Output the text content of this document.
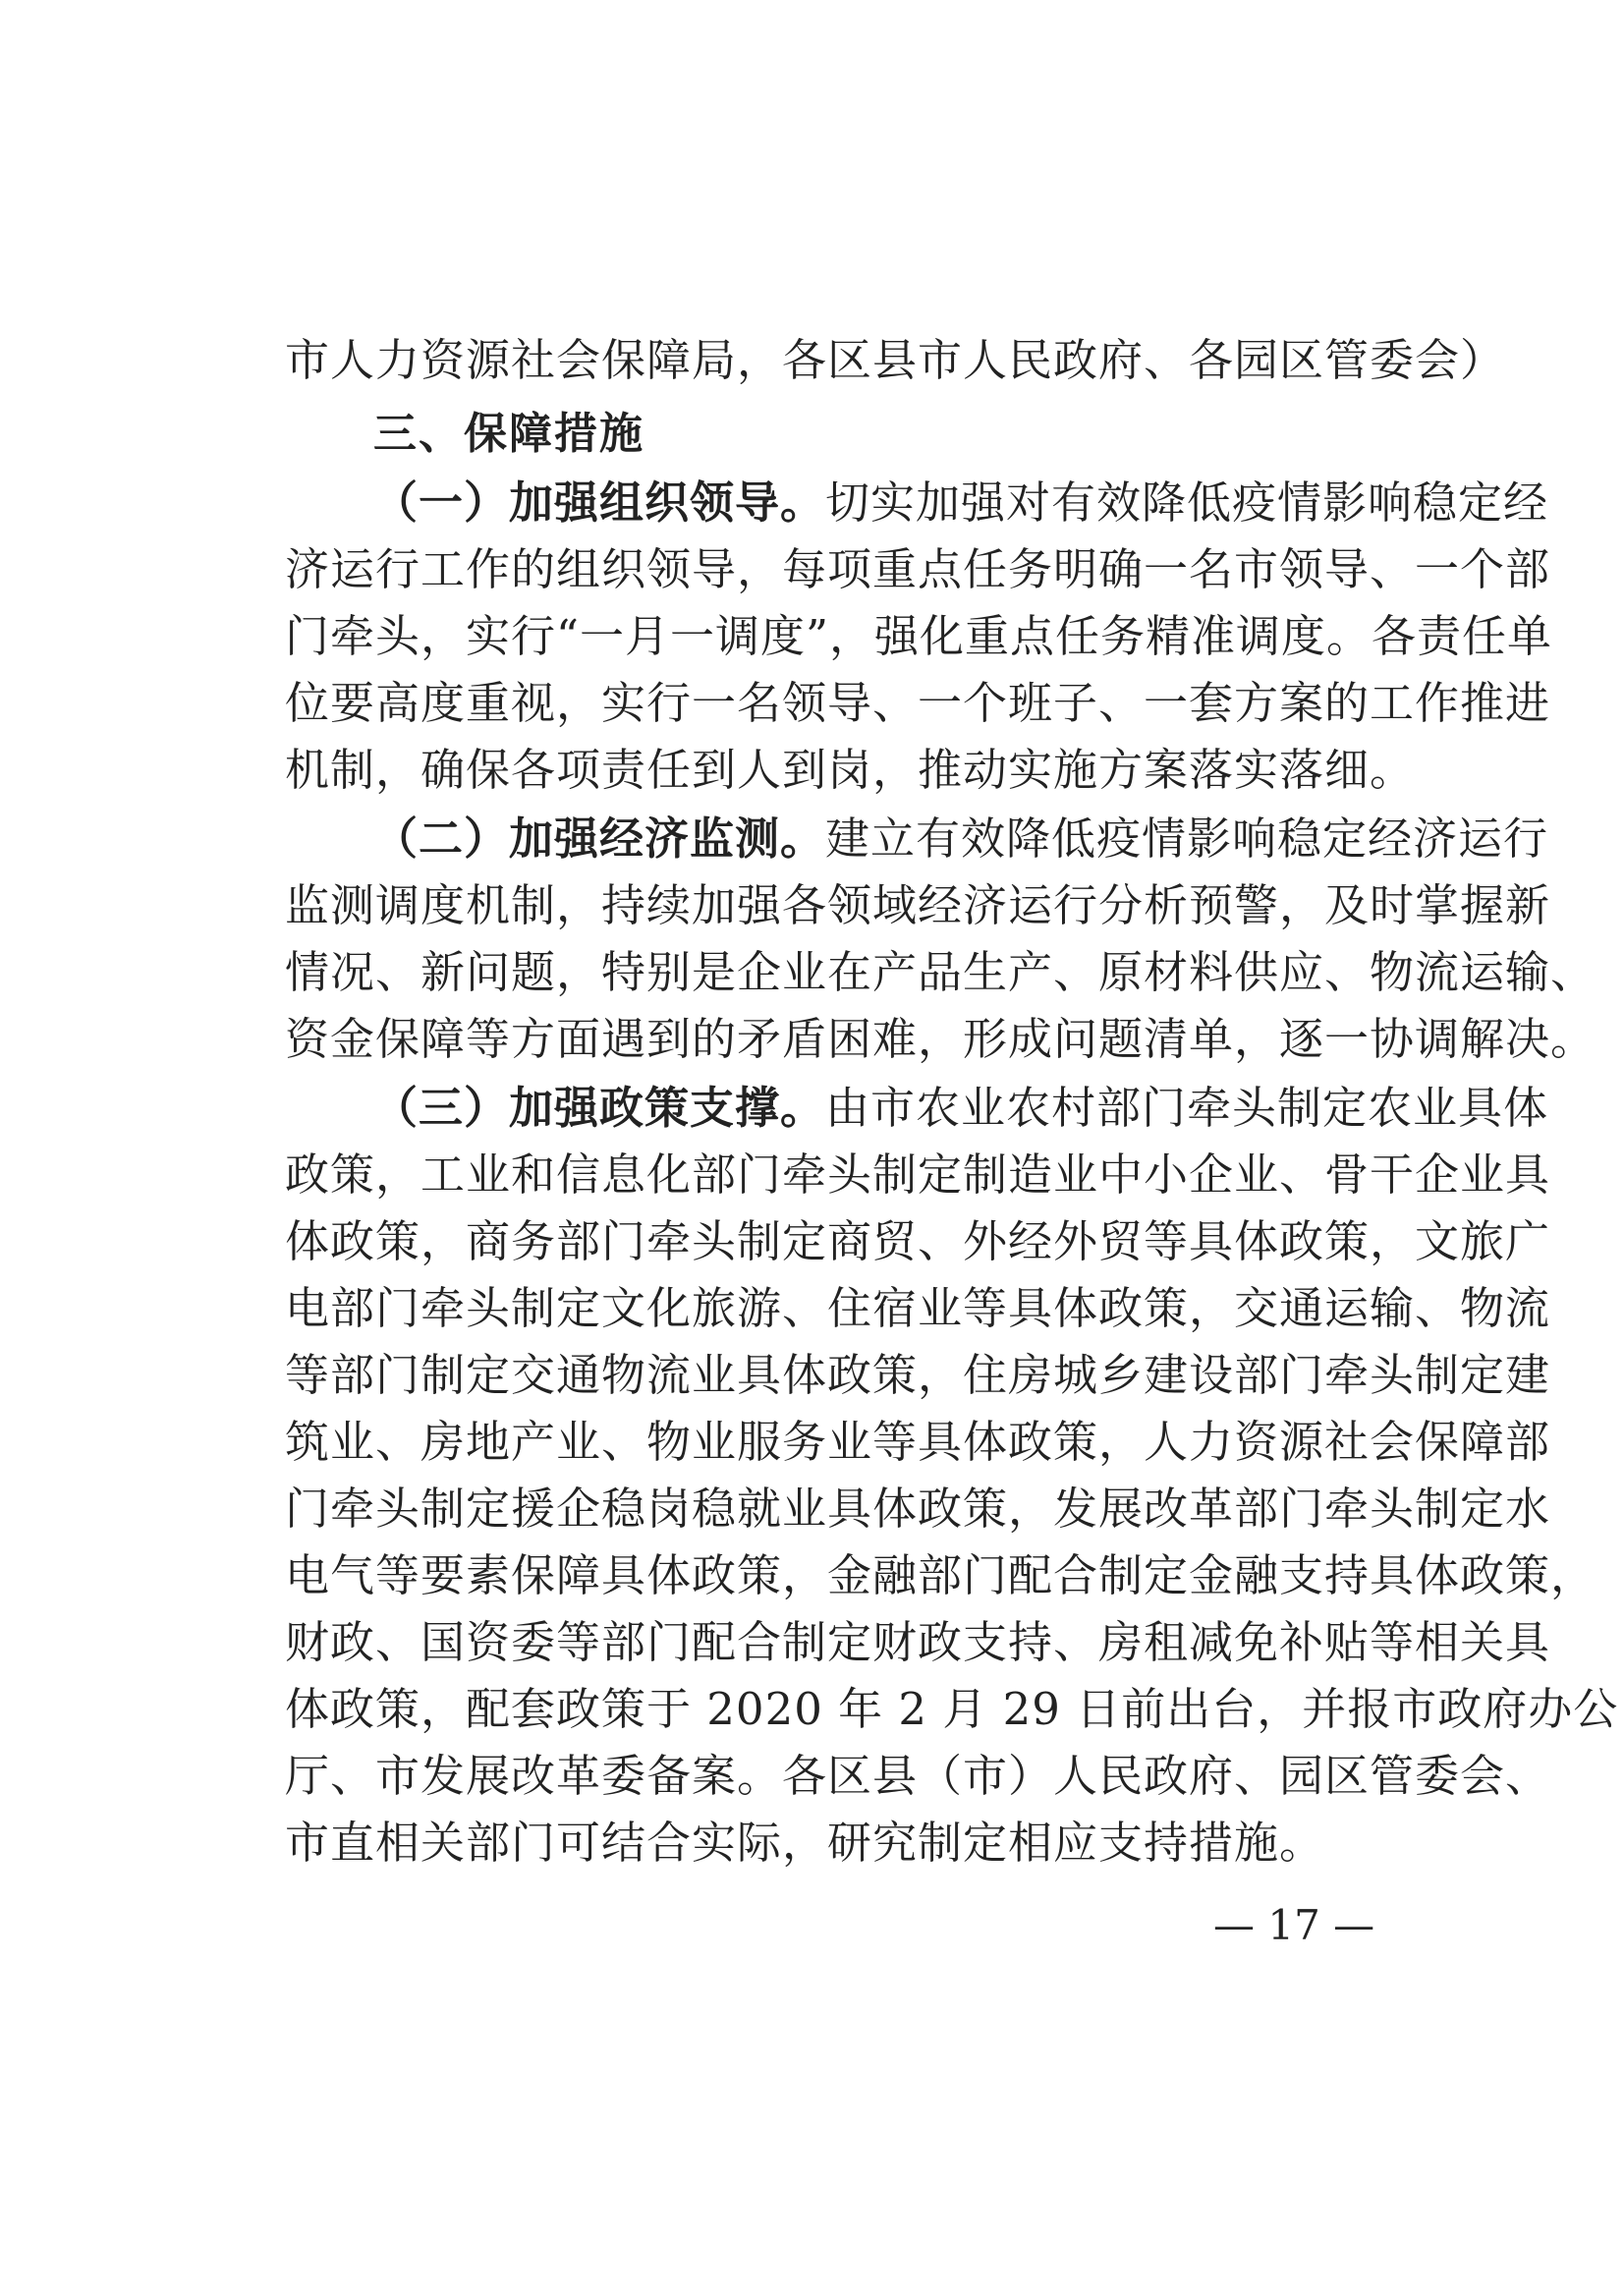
市人力资源社会保障局，各区县市人民政府、各园区管委会）
三、保障措施
（一）加强组织领导。切实加强对有效降低疫情影响稳定经
济运行工作的组织领导，每项重点任务明确一名市领导、一个部
门牵头，实行“一月一调度”，强化重点任务精准调度。各责任单
位要高度重视，实行一名领导、一个班子、一套方案的工作推进
机制，确保各项责任到人到岗，推动实施方案落实落细。
（二）加强经济监测。建立有效降低疫情影响稳定经济运行
监测调度机制，持续加强各领域经济运行分析预警，及时掌握新
情况、新问题，特别是企业在产品生产、原材料供应、物流运输、
资金保障等方面遇到的矛盾困难，形成问题清单，逐一协调解决。
（三）加强政策支撑。由市农业农村部门牵头制定农业具体
政策，工业和信息化部门牵头制定制造业中小企业、骨干企业具
体政策，商务部门牵头制定商贸、外经外贸等具体政策，文旅广
电部门牵头制定文化旅游、住宿业等具体政策，交通运输、物流
等部门制定交通物流业具体政策，住房城乡建设部门牵头制定建
筑业、房地产业、物业服务业等具体政策，人力资源社会保障部
门牵头制定援企稳岗稳就业具体政策，发展改革部门牵头制定水
电气等要素保障具体政策，金融部门配合制定金融支持具体政策，
财政、国资委等部门配合制定财政支持、房租减免补贴等相关具
体政策，配套政策于 2020 年 2 月 29 日前出台，并报市政府办公
厅、市发展改革委备案。各区县（市）人民政府、园区管委会、
市直相关部门可结合实际，研究制定相应支持措施。
— 17 —
